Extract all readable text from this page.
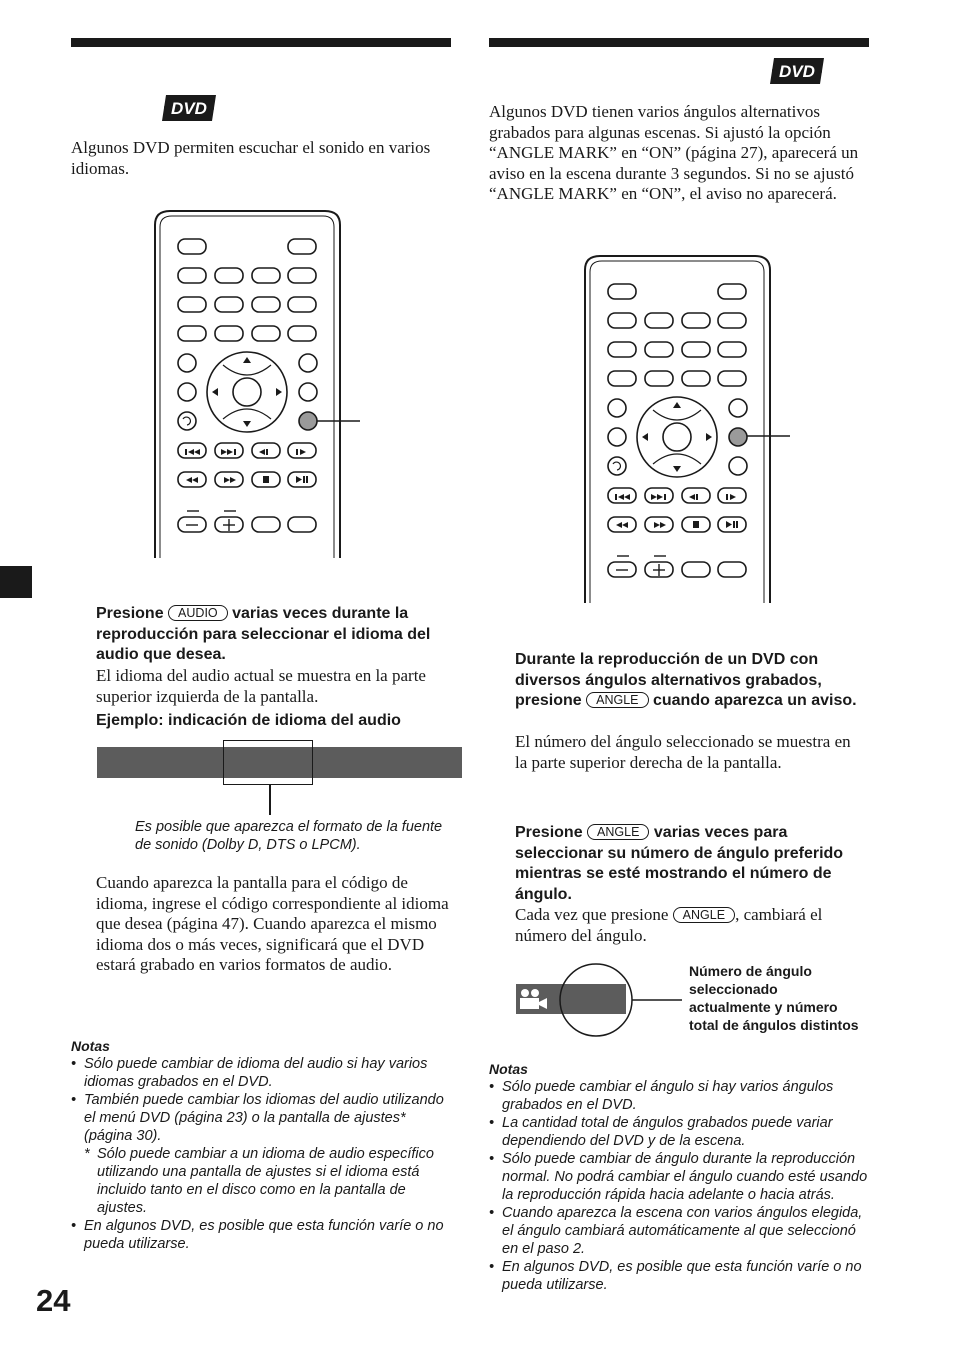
DVD
DVD
Algunos DVD permiten escuchar el sonido en varios idiomas.
Presione AUDIO varias veces durante la reproducción para seleccionar el idioma del audio que desea.
El idioma del audio actual se muestra en la parte superior izquierda de la pantalla.
Ejemplo: indicación de idioma del audio
Es posible que aparezca el formato de la fuente de sonido (Dolby D, DTS o LPCM).
Cuando aparezca la pantalla para el código de idioma, ingrese el código correspondiente al idioma que desea (página 47). Cuando aparezca el mismo idioma dos o más veces, significará que el DVD estará grabado en varios formatos de audio.
Notas
• Sólo puede cambiar de idioma del audio si hay varios idiomas grabados en el DVD.
• También puede cambiar los idiomas del audio utilizando el menú DVD (página 23) o la pantalla de ajustes* (página 30).
* Sólo puede cambiar a un idioma de audio específico utilizando una pantalla de ajustes si el idioma está incluido tanto en el disco como en la pantalla de ajustes.
• En algunos DVD, es posible que esta función varíe o no pueda utilizarse.
Algunos DVD tienen varios ángulos alternativos grabados para algunas escenas. Si ajustó la opción “ANGLE MARK” en “ON” (página 27), aparecerá un aviso en la escena durante 3 segundos. Si no se ajustó “ANGLE MARK” en “ON”, el aviso no aparecerá.
Durante la reproducción de un DVD con diversos ángulos alternativos grabados, presione ANGLE cuando aparezca un aviso.
El número del ángulo seleccionado se muestra en la parte superior derecha de la pantalla.
Presione ANGLE varias veces para seleccionar su número de ángulo preferido mientras se esté mostrando el número de ángulo.
Cada vez que presione ANGLE , cambiará el número del ángulo.
Número de ángulo seleccionado actualmente y número total de ángulos distintos
Notas
• Sólo puede cambiar el ángulo si hay varios ángulos grabados en el DVD.
• La cantidad total de ángulos grabados puede variar dependiendo del DVD y de la escena.
• Sólo puede cambiar de ángulo durante la reproducción normal. No podrá cambiar el ángulo cuando esté usando la reproducción rápida hacia adelante o hacia atrás.
• Cuando aparezca la escena con varios ángulos elegida, el ángulo cambiará automáticamente al que seleccionó en el paso 2.
• En algunos DVD, es posible que esta función varíe o no pueda utilizarse.
24
